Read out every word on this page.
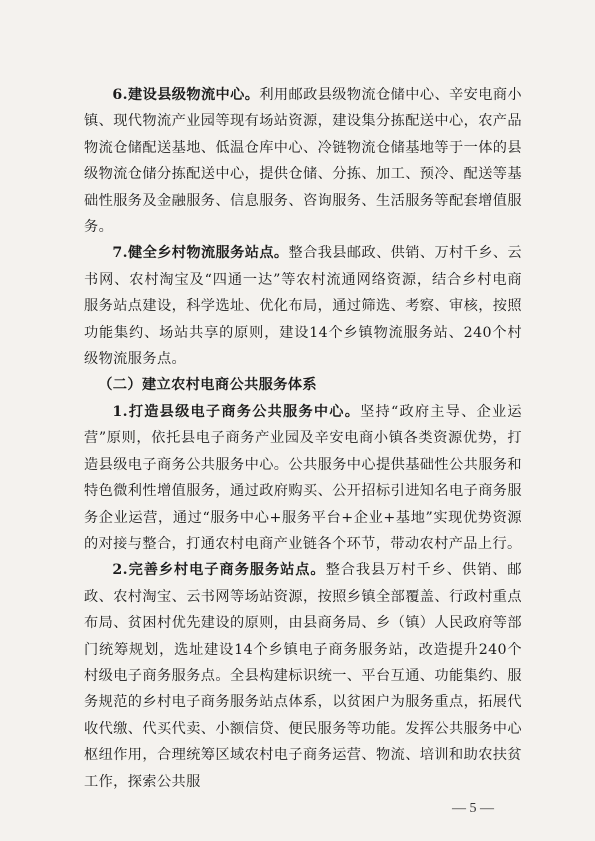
6.建设县级物流中心。利用邮政县级物流仓储中心、辛安电商小镇、现代物流产业园等现有场站资源，建设集分拣配送中心，农产品物流仓储配送基地、低温仓库中心、冷链物流仓储基地等于一体的县级物流仓储分拣配送中心，提供仓储、分拣、加工、预冷、配送等基础性服务及金融服务、信息服务、咨询服务、生活服务等配套增值服务。

7.健全乡村物流服务站点。整合我县邮政、供销、万村千乡、云书网、农村淘宝及“四通一达”等农村流通网络资源，结合乡村电商服务站点建设，科学选址、优化布局，通过筛选、考察、审核，按照功能集约、场站共享的原则，建设14个乡镇物流服务站、240个村级物流服务点。

（二）建立农村电商公共服务体系

1.打造县级电子商务公共服务中心。坚持“政府主导、企业运营”原则，依托县电子商务产业园及辛安电商小镇各类资源优势，打造县级电子商务公共服务中心。公共服务中心提供基础性公共服务和特色微利性增值服务，通过政府购买、公开招标引进知名电子商务服务企业运营，通过“服务中心+服务平台+企业+基地”实现优势资源的对接与整合，打通农村电商产业链各个环节，带动农村产品上行。

2.完善乡村电子商务服务站点。整合我县万村千乡、供销、邮政、农村淘宝、云书网等场站资源，按照乡镇全部覆盖、行政村重点布局、贫困村优先建设的原则，由县商务局、乡（镇）人民政府等部门统筹规划，选址建设14个乡镇电子商务服务站，改造提升240个村级电子商务服务点。全县构建标识统一、平台互通、功能集约、服务规范的乡村电子商务服务站点体系，以贫困户为服务重点，拓展代收代缴、代买代卖、小额信贷、便民服务等功能。发挥公共服务中心枢纽作用，合理统筹区域农村电子商务运营、物流、培训和助农扶贫工作，探索公共服

— 5 —
